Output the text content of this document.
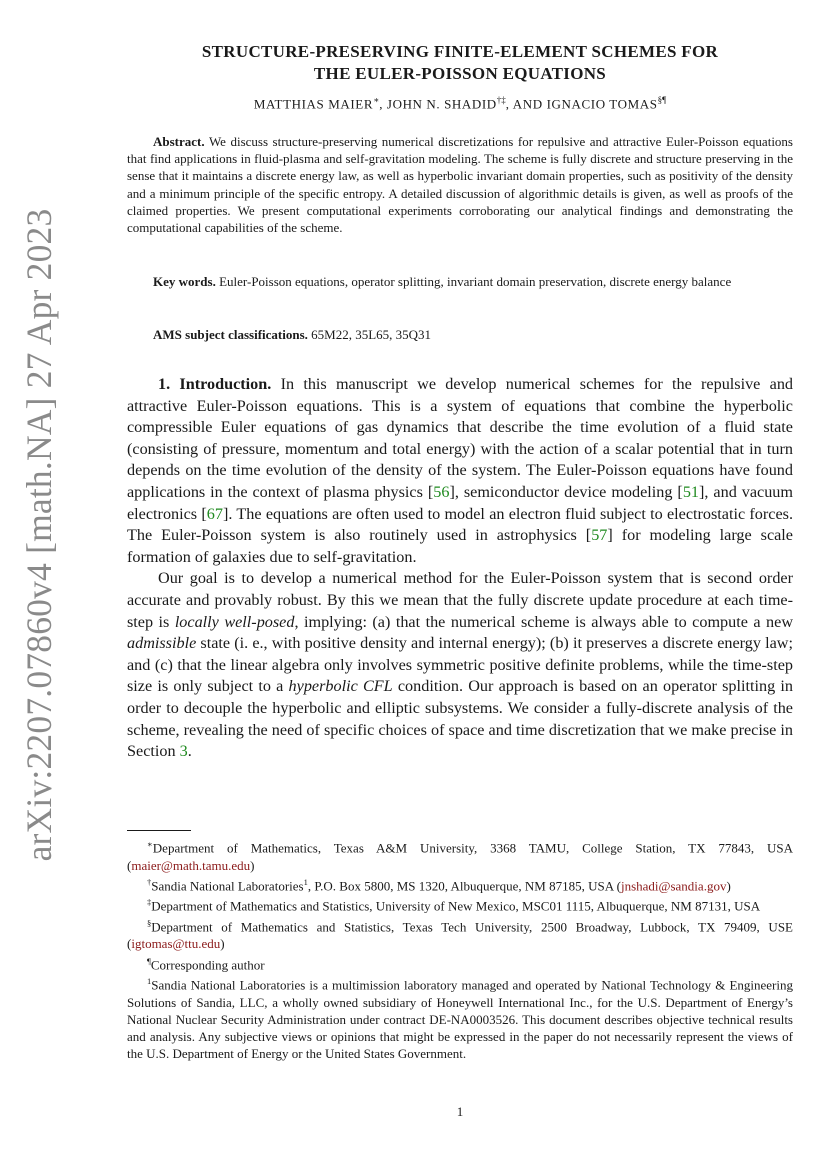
arXiv:2207.07860v4 [math.NA] 27 Apr 2023
STRUCTURE-PRESERVING FINITE-ELEMENT SCHEMES FOR
THE EULER-POISSON EQUATIONS
MATTHIAS MAIER∗, JOHN N. SHADID†‡, AND IGNACIO TOMAS§¶
Abstract. We discuss structure-preserving numerical discretizations for repulsive and attractive Euler-Poisson equations that find applications in fluid-plasma and self-gravitation modeling. The scheme is fully discrete and structure preserving in the sense that it maintains a discrete energy law, as well as hyperbolic invariant domain properties, such as positivity of the density and a minimum principle of the specific entropy. A detailed discussion of algorithmic details is given, as well as proofs of the claimed properties. We present computational experiments corroborating our analytical findings and demonstrating the computational capabilities of the scheme.
Key words. Euler-Poisson equations, operator splitting, invariant domain preservation, discrete energy balance
AMS subject classifications. 65M22, 35L65, 35Q31

1. Introduction. In this manuscript we develop numerical schemes for the repulsive and attractive Euler-Poisson equations. This is a system of equations that combine the hyperbolic compressible Euler equations of gas dynamics that describe the time evolution of a fluid state (consisting of pressure, momentum and total energy) with the action of a scalar potential that in turn depends on the time evolution of the density of the system. The Euler-Poisson equations have found applications in the context of plasma physics [56], semiconductor device modeling [51], and vacuum electronics [67]. The equations are often used to model an electron fluid subject to electrostatic forces. The Euler-Poisson system is also routinely used in astrophysics [57] for modeling large scale formation of galaxies due to self-gravitation.

Our goal is to develop a numerical method for the Euler-Poisson system that is second order accurate and provably robust. By this we mean that the fully discrete update procedure at each time-step is locally well-posed, implying: (a) that the numerical scheme is always able to compute a new admissible state (i. e., with positive density and internal energy); (b) it preserves a discrete energy law; and (c) that the linear algebra only involves symmetric positive definite problems, while the time-step size is only subject to a hyperbolic CFL condition. Our approach is based on an operator splitting in order to decouple the hyperbolic and elliptic subsystems. We consider a fully-discrete analysis of the scheme, revealing the need of specific choices of space and time discretization that we make precise in Section 3.

∗Department of Mathematics, Texas A&M University, 3368 TAMU, College Station, TX 77843, USA (maier@math.tamu.edu)

†Sandia National Laboratories$^1$, P.O. Box 5800, MS 1320, Albuquerque, NM 87185, USA (jnshadi@sandia.gov)

‡Department of Mathematics and Statistics, University of New Mexico, MSC01 1115, Albuquerque, NM 87131, USA

§Department of Mathematics and Statistics, Texas Tech University, 2500 Broadway, Lubbock, TX 79409, USE (igtomas@ttu.edu)

¶Corresponding author

$^1$Sandia National Laboratories is a multimission laboratory managed and operated by National Technology & Engineering Solutions of Sandia, LLC, a wholly owned subsidiary of Honeywell International Inc., for the U.S. Department of Energy’s National Nuclear Security Administration under contract DE-NA0003526. This document describes objective technical results and analysis. Any subjective views or opinions that might be expressed in the paper do not necessarily represent the views of the U.S. Department of Energy or the United States Government.

1
